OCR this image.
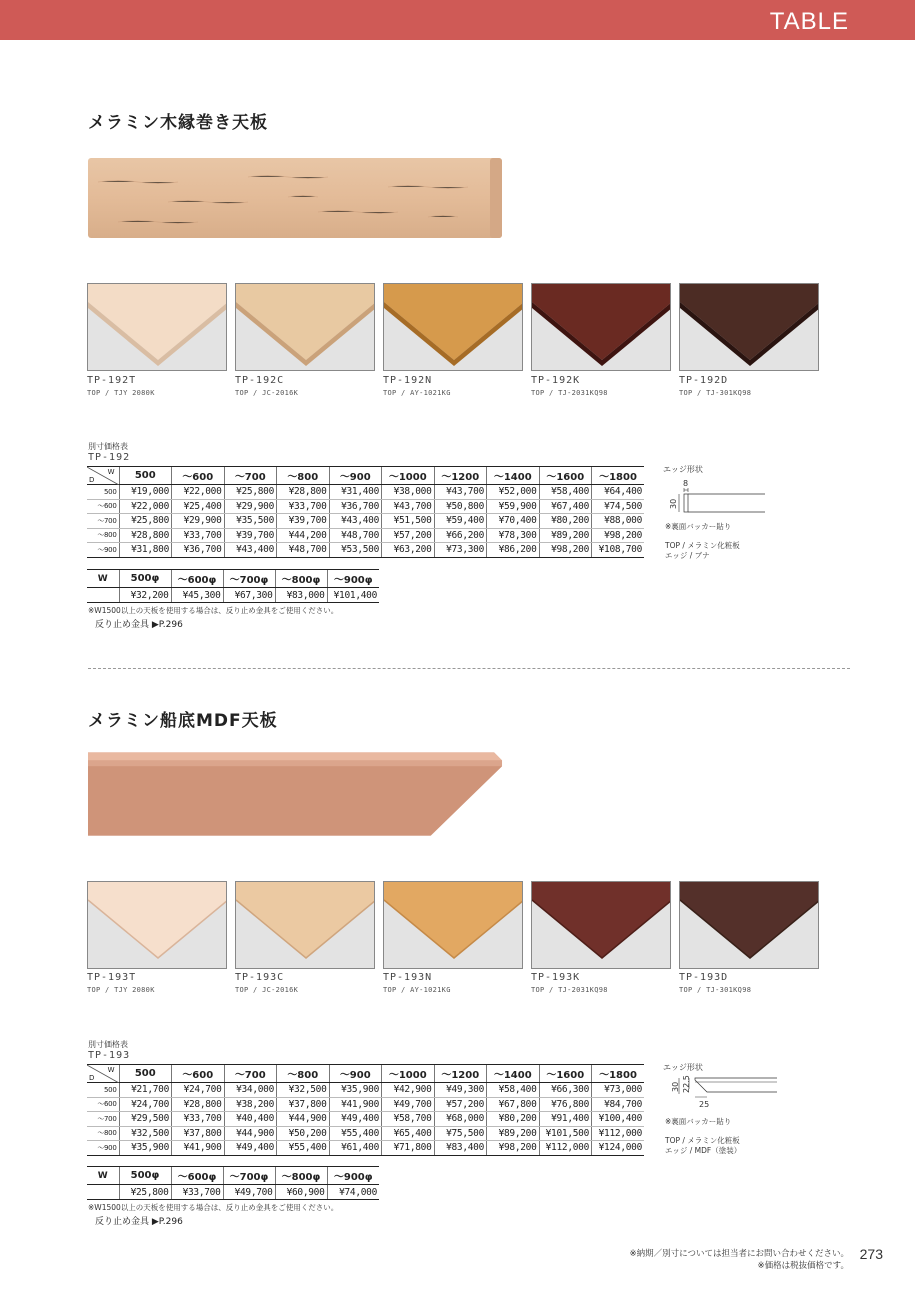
TABLE
メラミン木縁巻き天板
TP-192T
TOP / TJY 2080K
TP-192C
TOP / JC-2016K
TP-192N
TOP / AY-1021KG
TP-192K
TOP / TJ-2031KQ98
TP-192D
TOP / TJ-301KQ98
別寸価格表
TP-192
W
D	500	～600	～700	～800	～900	～1000	～1200	～1400	～1600	～1800
500	¥19,000	¥22,000	¥25,800	¥28,800	¥31,400	¥38,000	¥43,700	¥52,000	¥58,400	¥64,400
～600	¥22,000	¥25,400	¥29,900	¥33,700	¥36,700	¥43,700	¥50,800	¥59,900	¥67,400	¥74,500
～700	¥25,800	¥29,900	¥35,500	¥39,700	¥43,400	¥51,500	¥59,400	¥70,400	¥80,200	¥88,000
～800	¥28,800	¥33,700	¥39,700	¥44,200	¥48,700	¥57,200	¥66,200	¥78,300	¥89,200	¥98,200
～900	¥31,800	¥36,700	¥43,400	¥48,700	¥53,500	¥63,200	¥73,300	¥86,200	¥98,200	¥108,700
W	500φ	～600φ	～700φ	～800φ	～900φ
	¥32,200	¥45,300	¥67,300	¥83,000	¥101,400
※W1500以上の天板を使用する場合は、反り止め金具をご使用ください。
反り止め金具 ▶P.296
エッジ形状
8
30
※裏面バッカー貼り
TOP / メラミン化粧板
エッジ / ブナ
メラミン船底MDF天板
TP-193T
TOP / TJY 2080K
TP-193C
TOP / JC-2016K
TP-193N
TOP / AY-1021KG
TP-193K
TOP / TJ-2031KQ98
TP-193D
TOP / TJ-301KQ98
別寸価格表
TP-193
W
D	500	～600	～700	～800	～900	～1000	～1200	～1400	～1600	～1800
500	¥21,700	¥24,700	¥34,000	¥32,500	¥35,900	¥42,900	¥49,300	¥58,400	¥66,300	¥73,000
～600	¥24,700	¥28,800	¥38,200	¥37,800	¥41,900	¥49,700	¥57,200	¥67,800	¥76,800	¥84,700
～700	¥29,500	¥33,700	¥40,400	¥44,900	¥49,400	¥58,700	¥68,000	¥80,200	¥91,400	¥100,400
～800	¥32,500	¥37,800	¥44,900	¥50,200	¥55,400	¥65,400	¥75,500	¥89,200	¥101,500	¥112,000
～900	¥35,900	¥41,900	¥49,400	¥55,400	¥61,400	¥71,800	¥83,400	¥98,200	¥112,000	¥124,000
W	500φ	～600φ	～700φ	～800φ	～900φ
	¥25,800	¥33,700	¥49,700	¥60,900	¥74,000
※W1500以上の天板を使用する場合は、反り止め金具をご使用ください。
反り止め金具 ▶P.296
エッジ形状
30 22.5
25
※裏面バッカー貼り
TOP / メラミン化粧板
エッジ / MDF（塗装）
※納期／別寸については担当者にお問い合わせください。
※価格は税抜価格です。
273
